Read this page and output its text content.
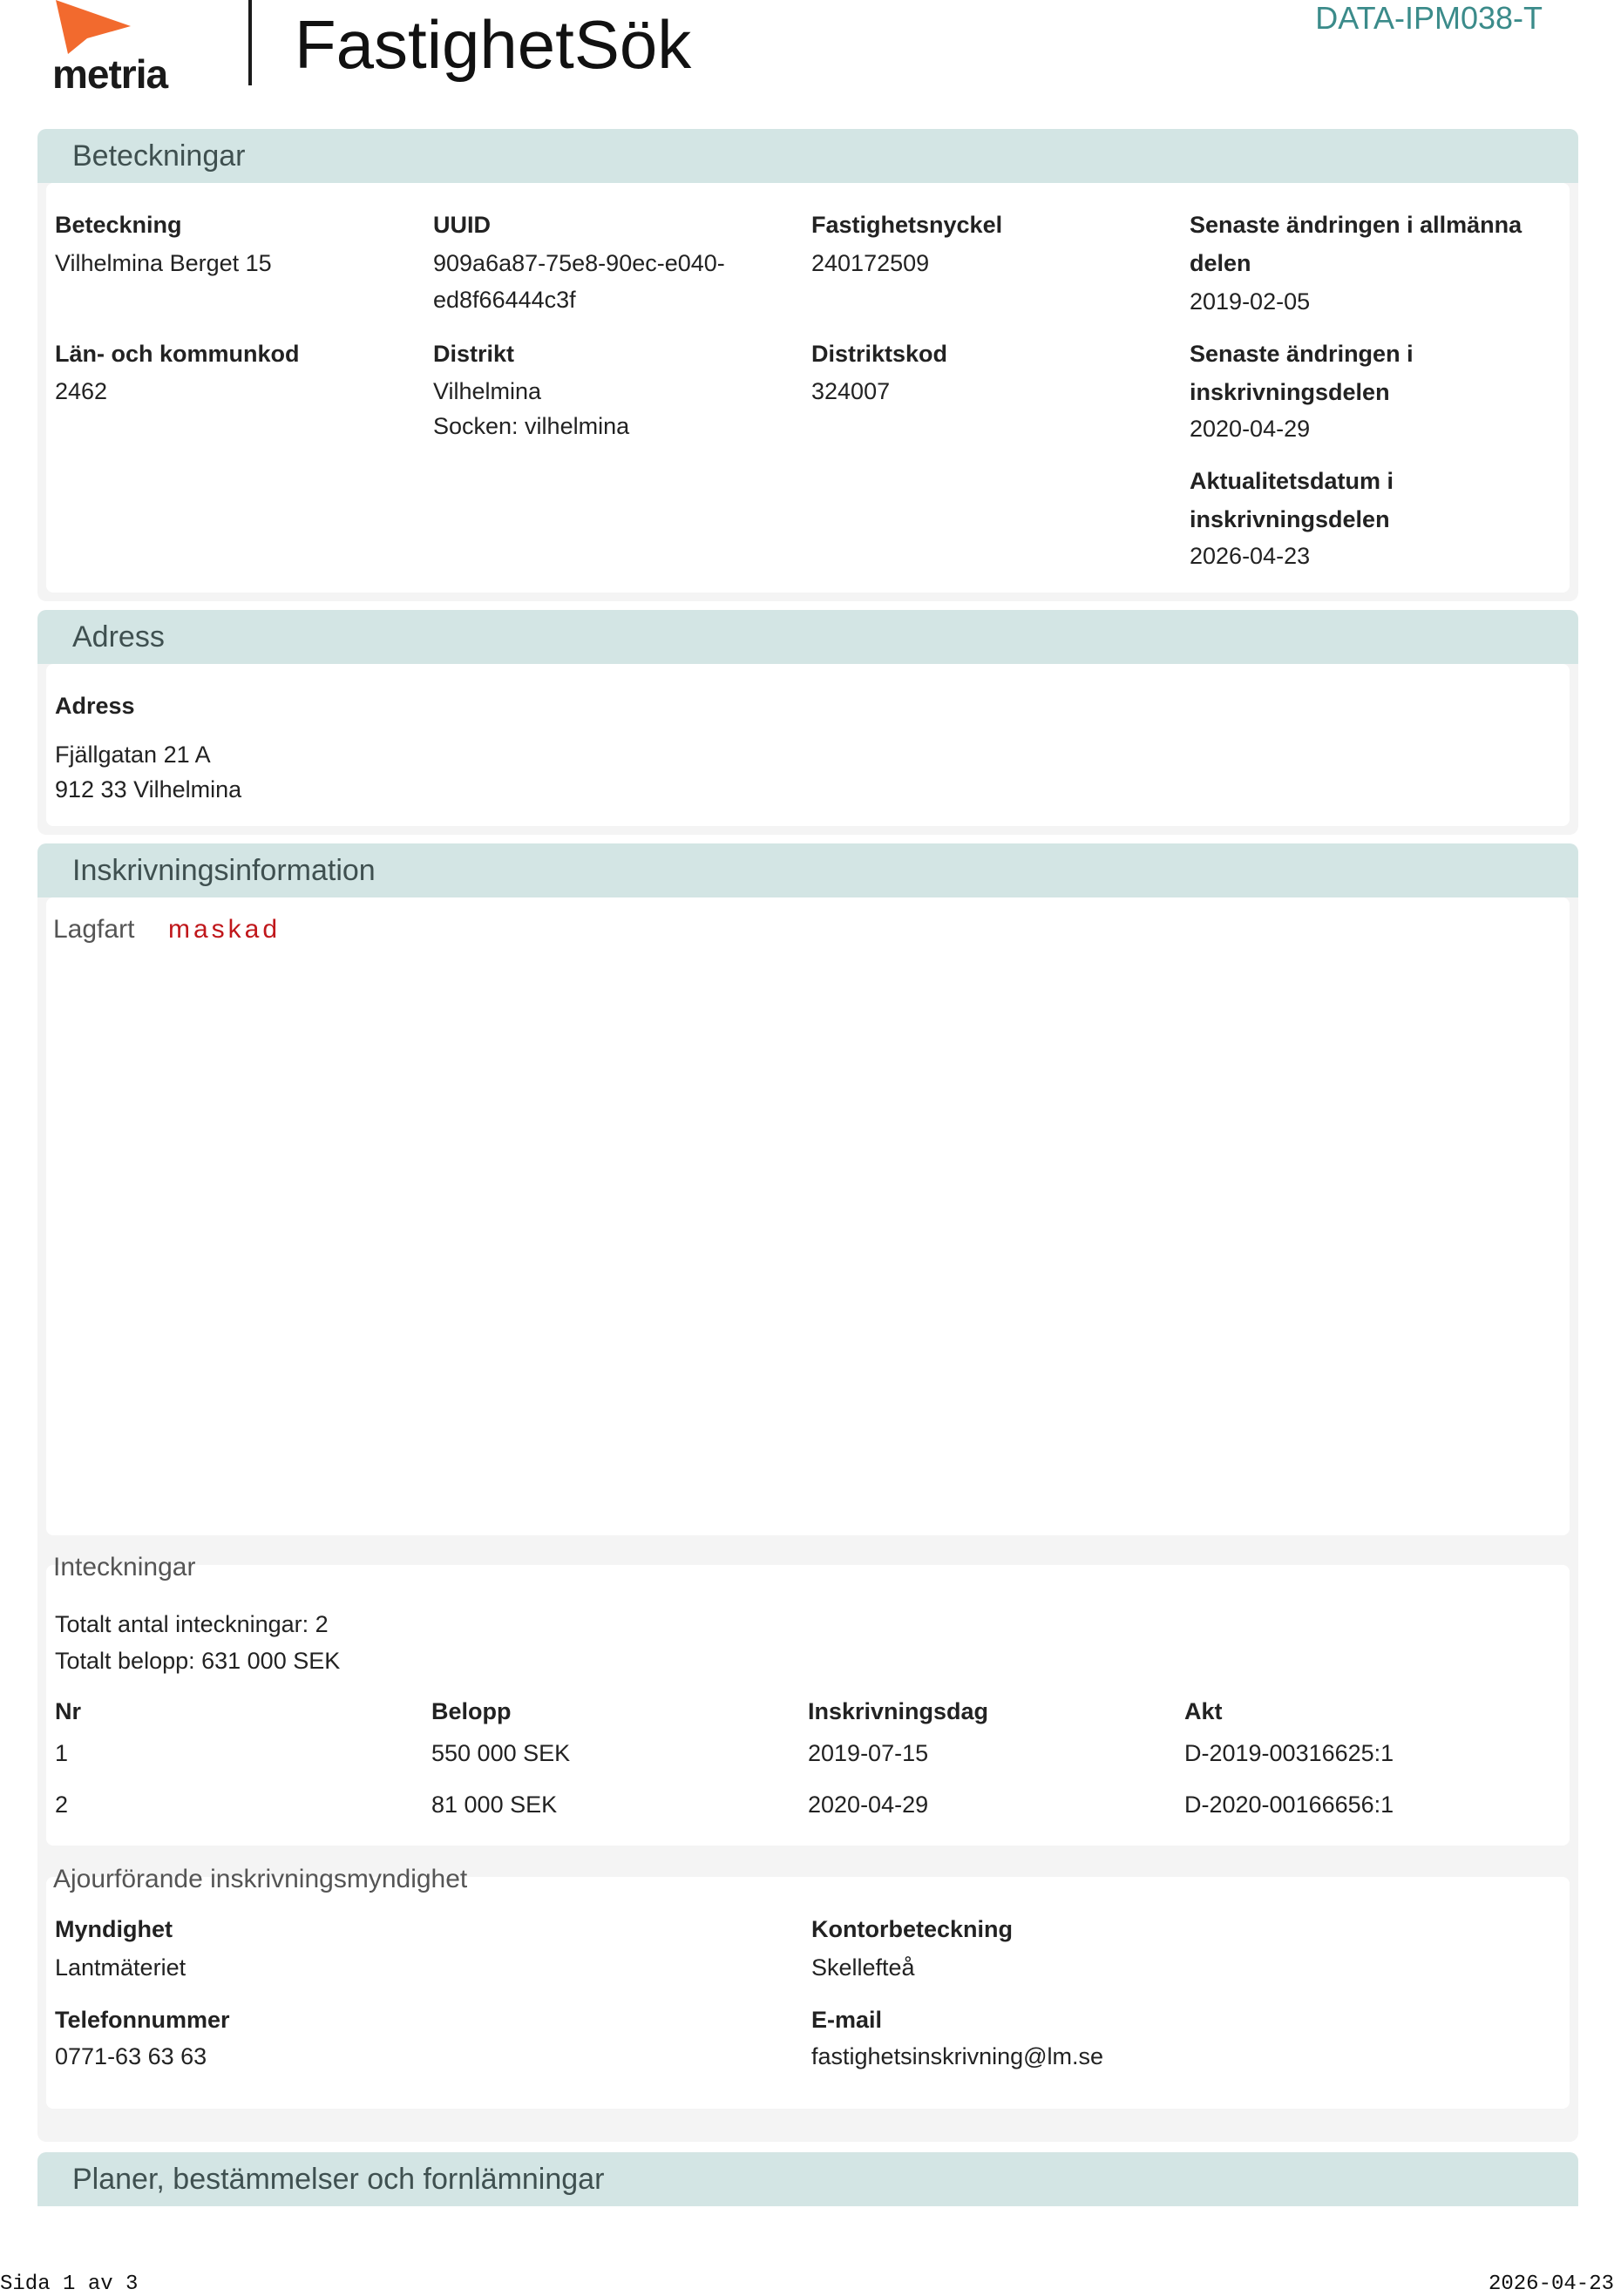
metria FastighetSök	DATA-IPM038-T
Beteckningar
Beteckning
Vilhelmina Berget 15
UUID
909a6a87-75e8-90ec-e040-
ed8f66444c3f
Fastighetsnyckel
240172509
Senaste ändringen i allmänna
delen
2019-02-05
Län- och kommunkod
2462
Distrikt
Vilhelmina
Socken: vilhelmina
Distriktskod
324007
Senaste ändringen i
inskrivningsdelen
2020-04-29
Aktualitetsdatum i
inskrivningsdelen
2026-04-23
Adress
Adress
Fjällgatan 21 A
912 33 Vilhelmina
Inskrivningsinformation
Lagfart maskad
Inteckningar
Totalt antal inteckningar: 2
Totalt belopp: 631 000 SEK
Nr	Belopp	Inskrivningsdag	Akt
1	550 000 SEK	2019-07-15	D-2019-00316625:1
2	81 000 SEK	2020-04-29	D-2020-00166656:1
Ajourförande inskrivningsmyndighet
Myndighet
Lantmäteriet
Kontorbeteckning
Skellefteå
Telefonnummer
0771-63 63 63
E-mail
fastighetsinskrivning@lm.se
Planer, bestämmelser och fornlämningar
Sida 1 av 3	2026-04-23
